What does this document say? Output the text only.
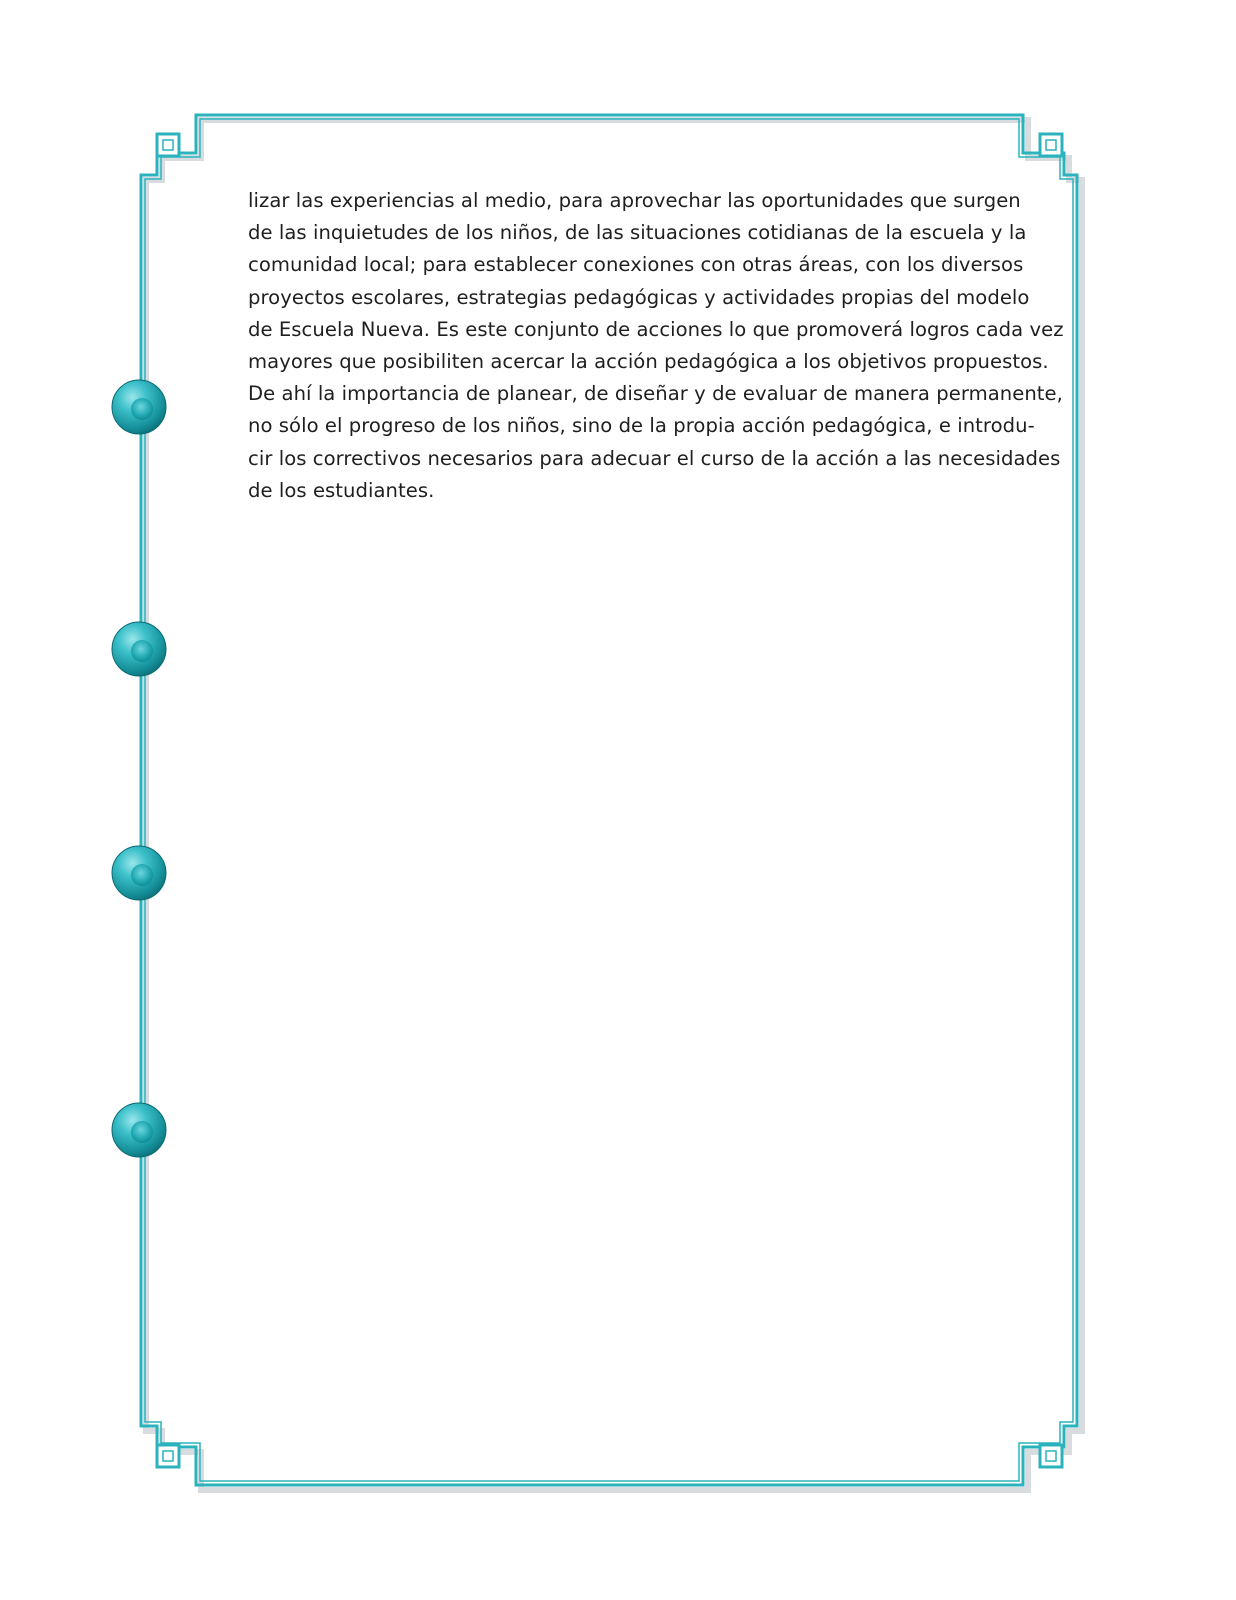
lizar las experiencias al medio, para aprovechar las oportunidades que surgen
de las inquietudes de los niños, de las situaciones cotidianas de la escuela y la
comunidad local; para establecer conexiones con otras áreas, con los diversos
proyectos escolares, estrategias pedagógicas y actividades propias del modelo
de Escuela Nueva. Es este conjunto de acciones lo que promoverá logros cada vez
mayores que posibiliten acercar la acción pedagógica a los objetivos propuestos.
De ahí la importancia de planear, de diseñar y de evaluar de manera permanente,
no sólo el progreso de los niños, sino de la propia acción pedagógica, e introdu-
cir los correctivos necesarios para adecuar el curso de la acción a las necesidades
de los estudiantes.
